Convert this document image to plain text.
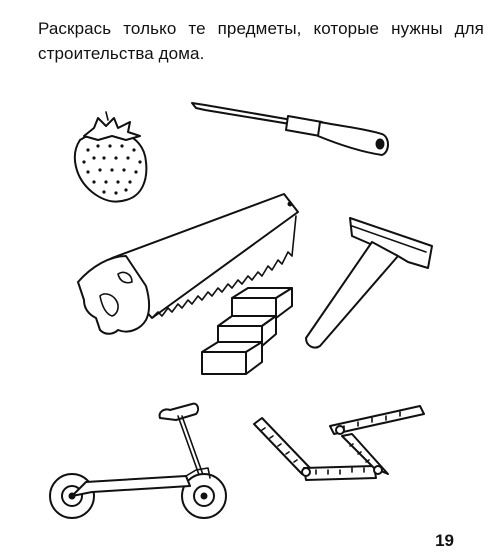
Раскрась только те предметы, которые нужны для строительства дома.

19
